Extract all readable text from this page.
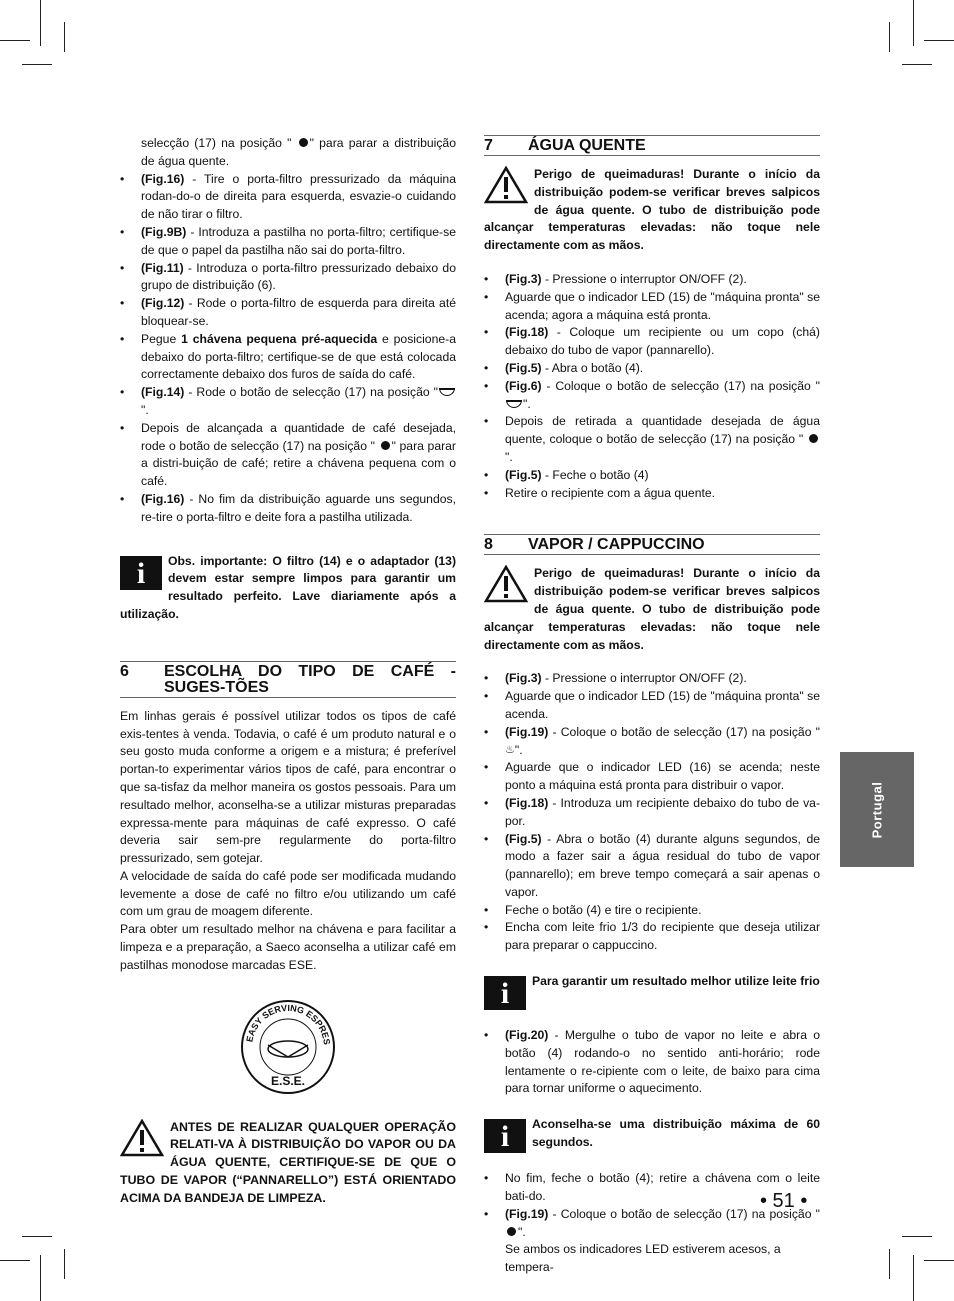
selecção (17) na posição " " para parar a distribuição de água quente.

• (Fig.16) - Tire o porta-filtro pressurizado da máquina rodan-do-o de direita para esquerda, esvazie-o cuidando de não tirar o filtro.
• (Fig.9B) - Introduza a pastilha no porta-filtro; certifique-se de que o papel da pastilha não sai do porta-filtro.
• (Fig.11) - Introduza o porta-filtro pressurizado debaixo do grupo de distribuição (6).
• (Fig.12) - Rode o porta-filtro de esquerda para direita até bloquear-se.
• Pegue 1 chávena pequena pré-aquecida e posicione-a debaixo do porta-filtro; certifique-se de que está colocada correctamente debaixo dos furos de saída do café.
• (Fig.14) - Rode o botão de selecção (17) na posição "".
• Depois de alcançada a quantidade de café desejada, rode o botão de selecção (17) na posição " " para parar a distri-buição de café; retire a chávena pequena com o café.
• (Fig.16) - No fim da distribuição aguarde uns segundos, re-tire o porta-filtro e deite fora a pastilha utilizada.
i	Obs. importante: O filtro (14) e o adaptador (13) devem estar sempre limpos para garantir um resultado perfeito. Lave diariamente após a utilização.
6	ESCOLHA DO TIPO DE CAFÉ - SUGES-TÕES

Em linhas gerais é possível utilizar todos os tipos de café exis-tentes à venda. Todavia, o café é um produto natural e o seu gosto muda conforme a origem e a mistura; é preferível portan-to experimentar vários tipos de café, para encontrar o que sa-tisfaz da melhor maneira os gostos pessoais. Para um resultado melhor, aconselha-se a utilizar misturas preparadas expressa-mente para máquinas de café expresso. O café deveria sair sem-pre regularmente do porta-filtro pressurizado, sem gotejar.

A velocidade de saída do café pode ser modificada mudando levemente a dose de café no filtro e/ou utilizando um café com um grau de moagem diferente.

Para obter um resultado melhor na chávena e para facilitar a limpeza e a preparação, a Saeco aconselha a utilizar café em pastilhas monodose marcadas ESE.

EASY SERVING ESPRES
E.S.E.
ANTES DE REALIZAR QUALQUER OPERAÇÃO RELATI-VA À DISTRIBUIÇÃO DO VAPOR OU DA ÁGUA QUENTE, CERTIFIQUE-SE DE QUE O TUBO DE VAPOR (“PANNARELLO”) ESTÁ ORIENTADO ACIMA DA BANDEJA DE LIMPEZA.
7	ÁGUA QUENTE
Perigo de queimaduras! Durante o início da distribuição podem-se verificar breves salpicos de água quente. O tubo de distribuição pode alcançar temperaturas elevadas: não toque nele directamente com as mãos.
• (Fig.3) - Pressione o interruptor ON/OFF (2).
• Aguarde que o indicador LED (15) de "máquina pronta" se acenda; agora a máquina está pronta.
• (Fig.18) - Coloque um recipiente ou um copo (chá) debaixo do tubo de vapor (pannarello).
• (Fig.5) - Abra o botão (4).
• (Fig.6) - Coloque o botão de selecção (17) na posição "".
• Depois de retirada a quantidade desejada de água quente, coloque o botão de selecção (17) na posição " ".
• (Fig.5) - Feche o botão (4)
• Retire o recipiente com a água quente.
8	VAPOR / CAPPUCCINO
Perigo de queimaduras! Durante o início da distribuição podem-se verificar breves salpicos de água quente. O tubo de distribuição pode alcançar temperaturas elevadas: não toque nele directamente com as mãos.
• (Fig.3) - Pressione o interruptor ON/OFF (2).
• Aguarde que o indicador LED (15) de "máquina pronta" se acenda.
• (Fig.19) - Coloque o botão de selecção (17) na posição "♨".
• Aguarde que o indicador LED (16) se acenda; neste ponto a máquina está pronta para distribuir o vapor.
• (Fig.18) - Introduza um recipiente debaixo do tubo de va-por.
• (Fig.5) - Abra o botão (4) durante alguns segundos, de modo a fazer sair a água residual do tubo de vapor (pannarello); em breve tempo começará a sair apenas o vapor.
• Feche o botão (4) e tire o recipiente.
• Encha com leite frio 1/3 do recipiente que deseja utilizar para preparar o cappuccino.
i	Para garantir um resultado melhor utilize leite frio
• (Fig.20) - Mergulhe o tubo de vapor no leite e abra o botão (4) rodando-o no sentido anti-horário; rode lentamente o re-cipiente com o leite, de baixo para cima para tornar uniforme o aquecimento.
i	Aconselha-se uma distribuição máxima de 60 segundos.
• No fim, feche o botão (4); retire a chávena com o leite bati-do.
• (Fig.19) - Coloque o botão de selecção (17) na posição " ".

Se ambos os indicadores LED estiverem acesos, a tempera-

Portugal
• 51 •
